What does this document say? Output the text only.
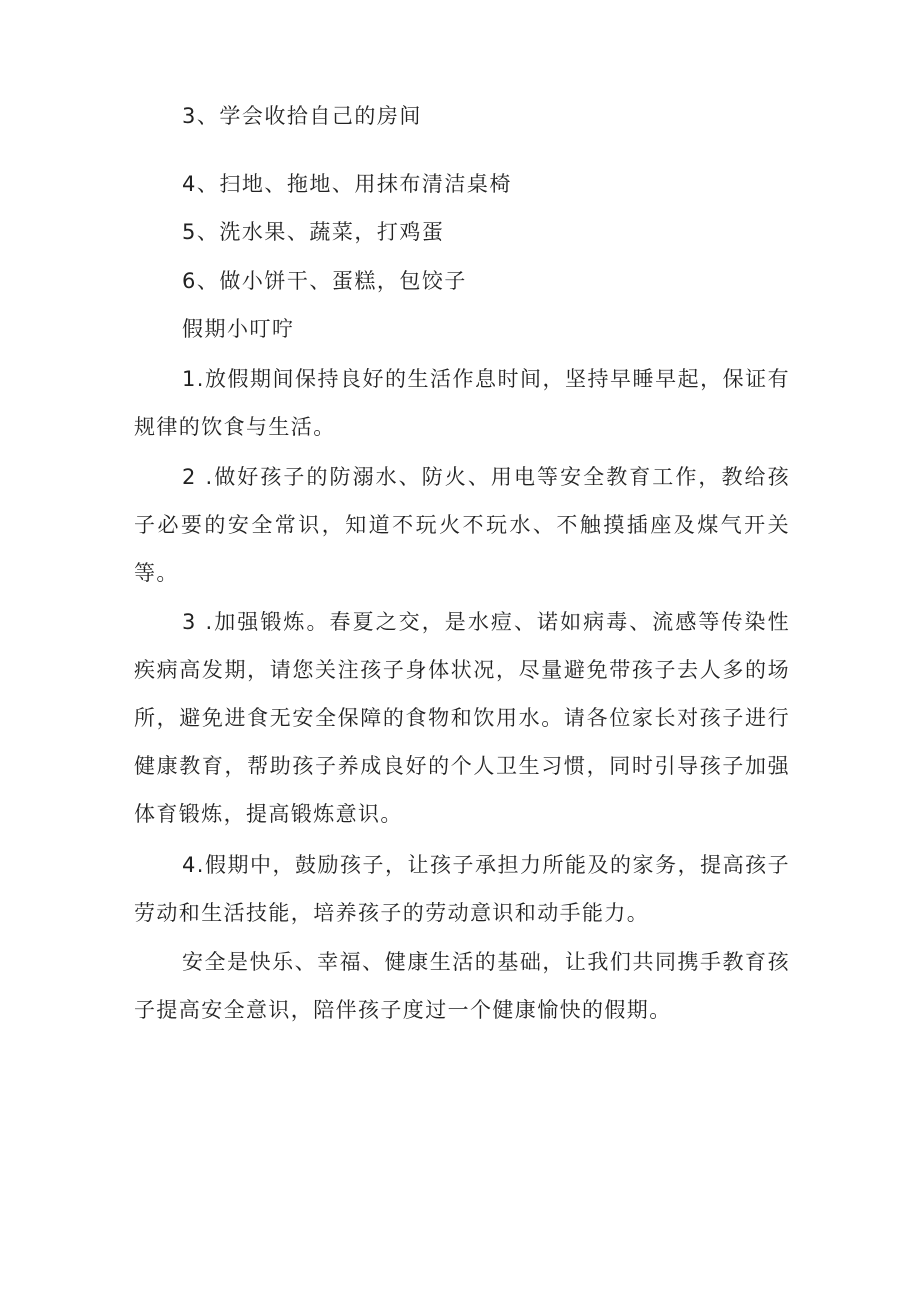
3、学会收拾自己的房间
4、扫地、拖地、用抹布清洁桌椅
5、洗水果、蔬菜，打鸡蛋
6、做小饼干、蛋糕，包饺子
假期小叮咛
1.放假期间保持良好的生活作息时间，坚持早睡早起，保证有规律的饮食与生活。
2 .做好孩子的防溺水、防火、用电等安全教育工作，教给孩子必要的安全常识，知道不玩火不玩水、不触摸插座及煤气开关等。
3 .加强锻炼。春夏之交，是水痘、诺如病毒、流感等传染性疾病高发期，请您关注孩子身体状况，尽量避免带孩子去人多的场所，避免进食无安全保障的食物和饮用水。请各位家长对孩子进行健康教育，帮助孩子养成良好的个人卫生习惯，同时引导孩子加强体育锻炼，提高锻炼意识。
4.假期中，鼓励孩子，让孩子承担力所能及的家务，提高孩子劳动和生活技能，培养孩子的劳动意识和动手能力。
安全是快乐、幸福、健康生活的基础，让我们共同携手教育孩子提高安全意识，陪伴孩子度过一个健康愉快的假期。
